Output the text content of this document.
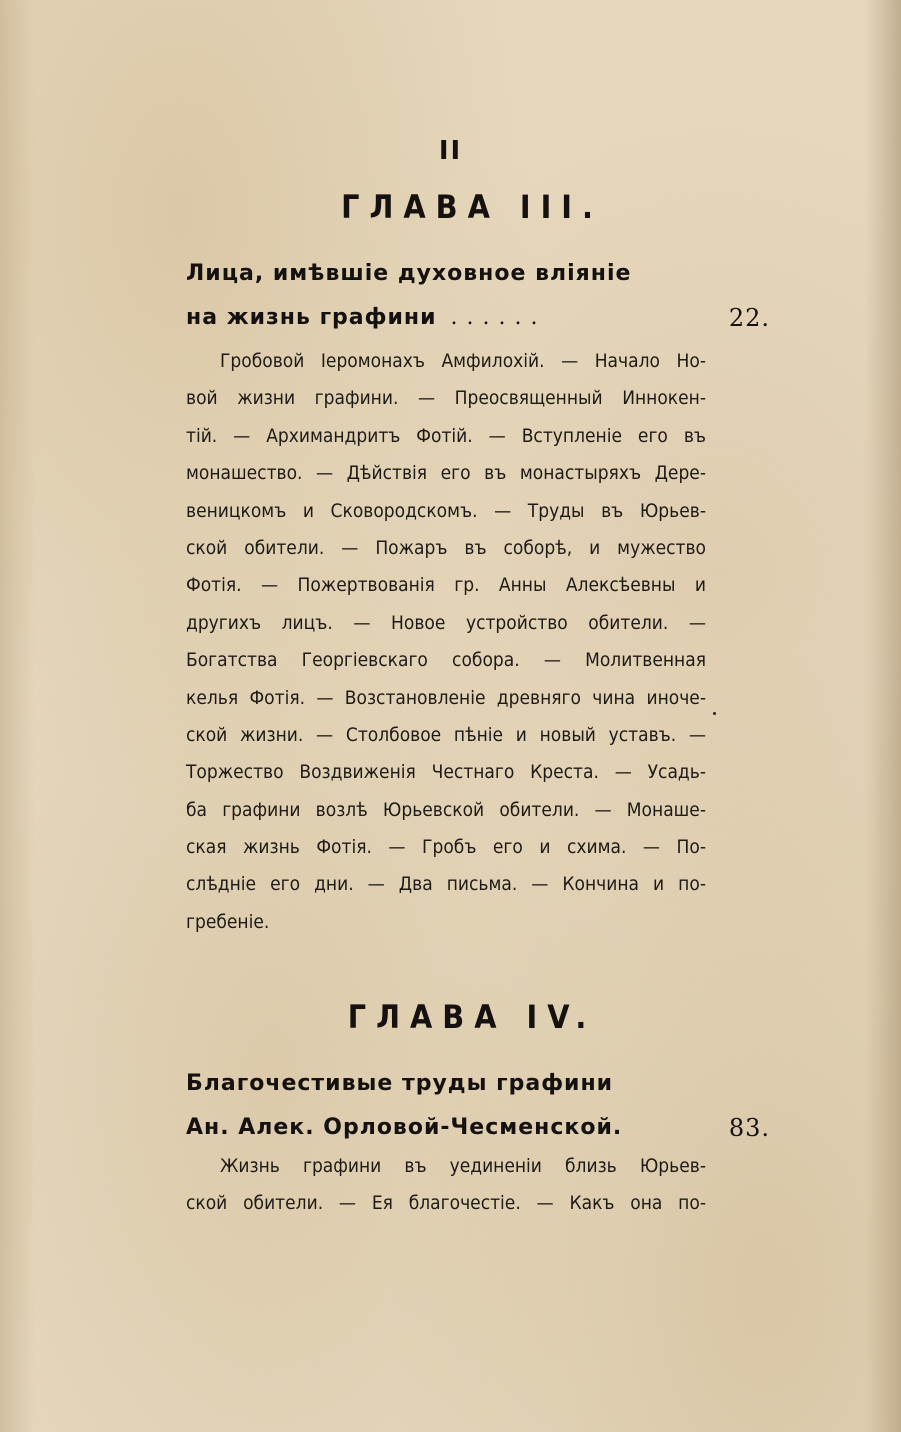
II
ГЛАВА III.
Лица, имѣвшiе духовное влiянiе
на жизнь графини ......	22.
Гробовой Iеромонахъ Амфилохiй. — Начало Но-
вой жизни графини. — Преосвященный Иннокен-
тiй. — Архимандритъ Фотiй. — Вступленiе его въ
монашество. — Дѣйствiя его въ монастыряхъ Дере-
веницкомъ и Сковородскомъ. — Труды въ Юрьев-
ской обители. — Пожаръ въ соборѣ, и мужество
Фотiя. — Пожертвованiя гр. Анны Алексѣевны и
другихъ лицъ. — Новое устройство обители. —
Богатства Георгiевскаго собора. — Молитвенная
келья Фотiя. — Возстановленiе древняго чина иноче-
ской жизни. — Столбовое пѣнiе и новый уставъ. —
Торжество Воздвиженiя Честнаго Креста. — Усадь-
ба графини возлѣ Юрьевской обители. — Монаше-
ская жизнь Фотiя. — Гробъ его и схима. — По-
слѣднiе его дни. — Два письма. — Кончина и по-
гребенiе.
ГЛАВА IV.
Благочестивые труды графини
Ан. Алек. Орловой-Чесменской.	83.
Жизнь графини въ уединенiи близь Юрьев-
ской обители. — Ея благочестiе. — Какъ она по-
